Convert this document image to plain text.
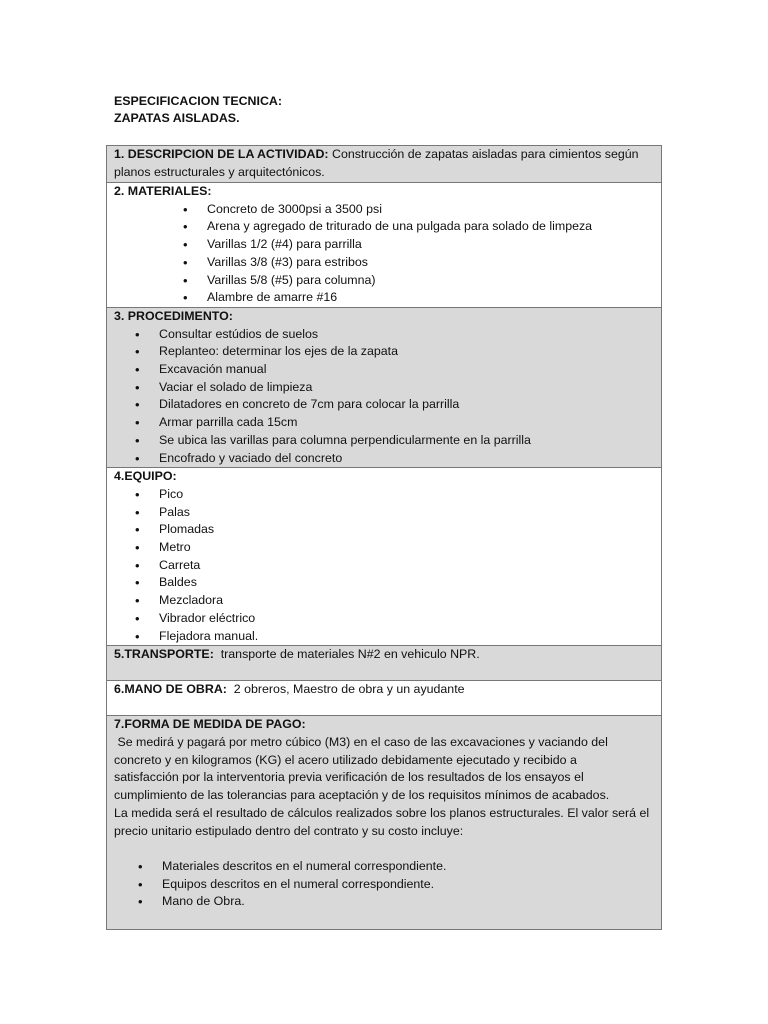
ESPECIFICACION TECNICA:
ZAPATAS AISLADAS.
1. DESCRIPCION DE LA ACTIVIDAD: Construcción de zapatas aisladas para cimientos según planos estructurales y arquitectónicos.
2. MATERIALES:
• Concreto de 3000psi a 3500 psi
• Arena y agregado de triturado de una pulgada para solado de limpeza
• Varillas 1/2 (#4) para parrilla
• Varillas 3/8 (#3) para estribos
• Varillas 5/8 (#5) para columna)
• Alambre de amarre #16
3. PROCEDIMENTO:
• Consultar estúdios de suelos
• Replanteo: determinar los ejes de la zapata
• Excavación manual
• Vaciar el solado de limpieza
• Dilatadores en concreto de 7cm para colocar la parrilla
• Armar parrilla cada 15cm
• Se ubica las varillas para columna perpendicularmente en la parrilla
• Encofrado y vaciado del concreto
4.EQUIPO:
• Pico
• Palas
• Plomadas
• Metro
• Carreta
• Baldes
• Mezcladora
• Vibrador eléctrico
• Flejadora manual.
5.TRANSPORTE:  transporte de materiales N#2 en vehiculo NPR.
6.MANO DE OBRA:  2 obreros, Maestro de obra y un ayudante
7.FORMA DE MEDIDA DE PAGO:
Se medirá y pagará por metro cúbico (M3) en el caso de las excavaciones y vaciando del
concreto y en kilogramos (KG) el acero utilizado debidamente ejecutado y recibido a
satisfacción por la interventoria previa verificación de los resultados de los ensayos el
cumplimiento de las tolerancias para aceptación y de los requisitos mínimos de acabados.
La medida será el resultado de cálculos realizados sobre los planos estructurales. El valor será el
precio unitario estipulado dentro del contrato y su costo incluye:
• Materiales descritos en el numeral correspondiente.
• Equipos descritos en el numeral correspondiente.
• Mano de Obra.
